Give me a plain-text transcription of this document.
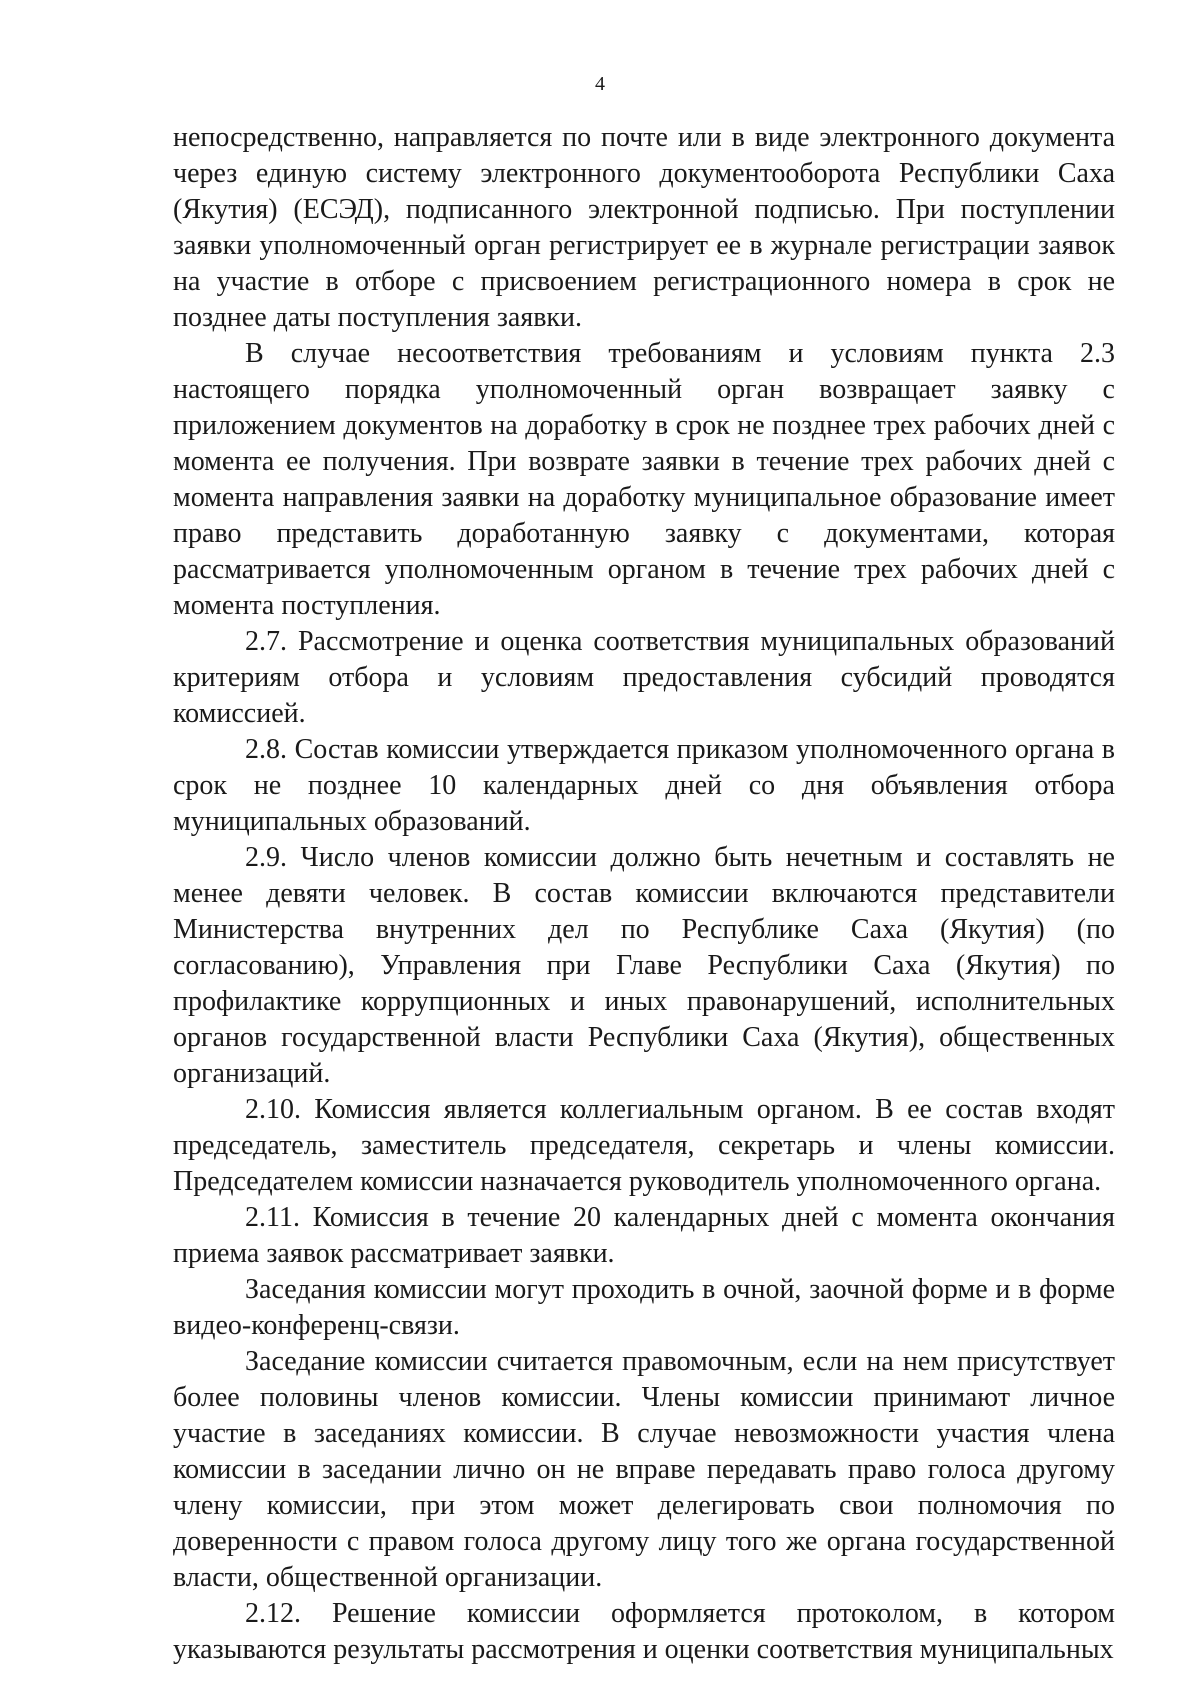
4

непосредственно, направляется по почте или в виде электронного документа через единую систему электронного документооборота Республики Саха (Якутия) (ЕСЭД), подписанного электронной подписью. При поступлении заявки уполномоченный орган регистрирует ее в журнале регистрации заявок на участие в отборе с присвоением регистрационного номера в срок не позднее даты поступления заявки.

В случае несоответствия требованиям и условиям пункта 2.3 настоящего порядка уполномоченный орган возвращает заявку с приложением документов на доработку в срок не позднее трех рабочих дней с момента ее получения. При возврате заявки в течение трех рабочих дней с момента направления заявки на доработку муниципальное образование имеет право представить доработанную заявку с документами, которая рассматривается уполномоченным органом в течение трех рабочих дней с момента поступления.

2.7. Рассмотрение и оценка соответствия муниципальных образований критериям отбора и условиям предоставления субсидий проводятся комиссией.

2.8. Состав комиссии утверждается приказом уполномоченного органа в срок не позднее 10 календарных дней со дня объявления отбора муниципальных образований.

2.9. Число членов комиссии должно быть нечетным и составлять не менее девяти человек. В состав комиссии включаются представители Министерства внутренних дел по Республике Саха (Якутия) (по согласованию), Управления при Главе Республики Саха (Якутия) по профилактике коррупционных и иных правонарушений, исполнительных органов государственной власти Республики Саха (Якутия), общественных организаций.

2.10. Комиссия является коллегиальным органом. В ее состав входят председатель, заместитель председателя, секретарь и члены комиссии. Председателем комиссии назначается руководитель уполномоченного органа.

2.11. Комиссия в течение 20 календарных дней с момента окончания приема заявок рассматривает заявки.

Заседания комиссии могут проходить в очной, заочной форме и в форме видео-конференц-связи.

Заседание комиссии считается правомочным, если на нем присутствует более половины членов комиссии. Члены комиссии принимают личное участие в заседаниях комиссии. В случае невозможности участия члена комиссии в заседании лично он не вправе передавать право голоса другому члену комиссии, при этом может делегировать свои полномочия по доверенности с правом голоса другому лицу того же органа государственной власти, общественной организации.

2.12. Решение комиссии оформляется протоколом, в котором указываются результаты рассмотрения и оценки соответствия муниципальных
